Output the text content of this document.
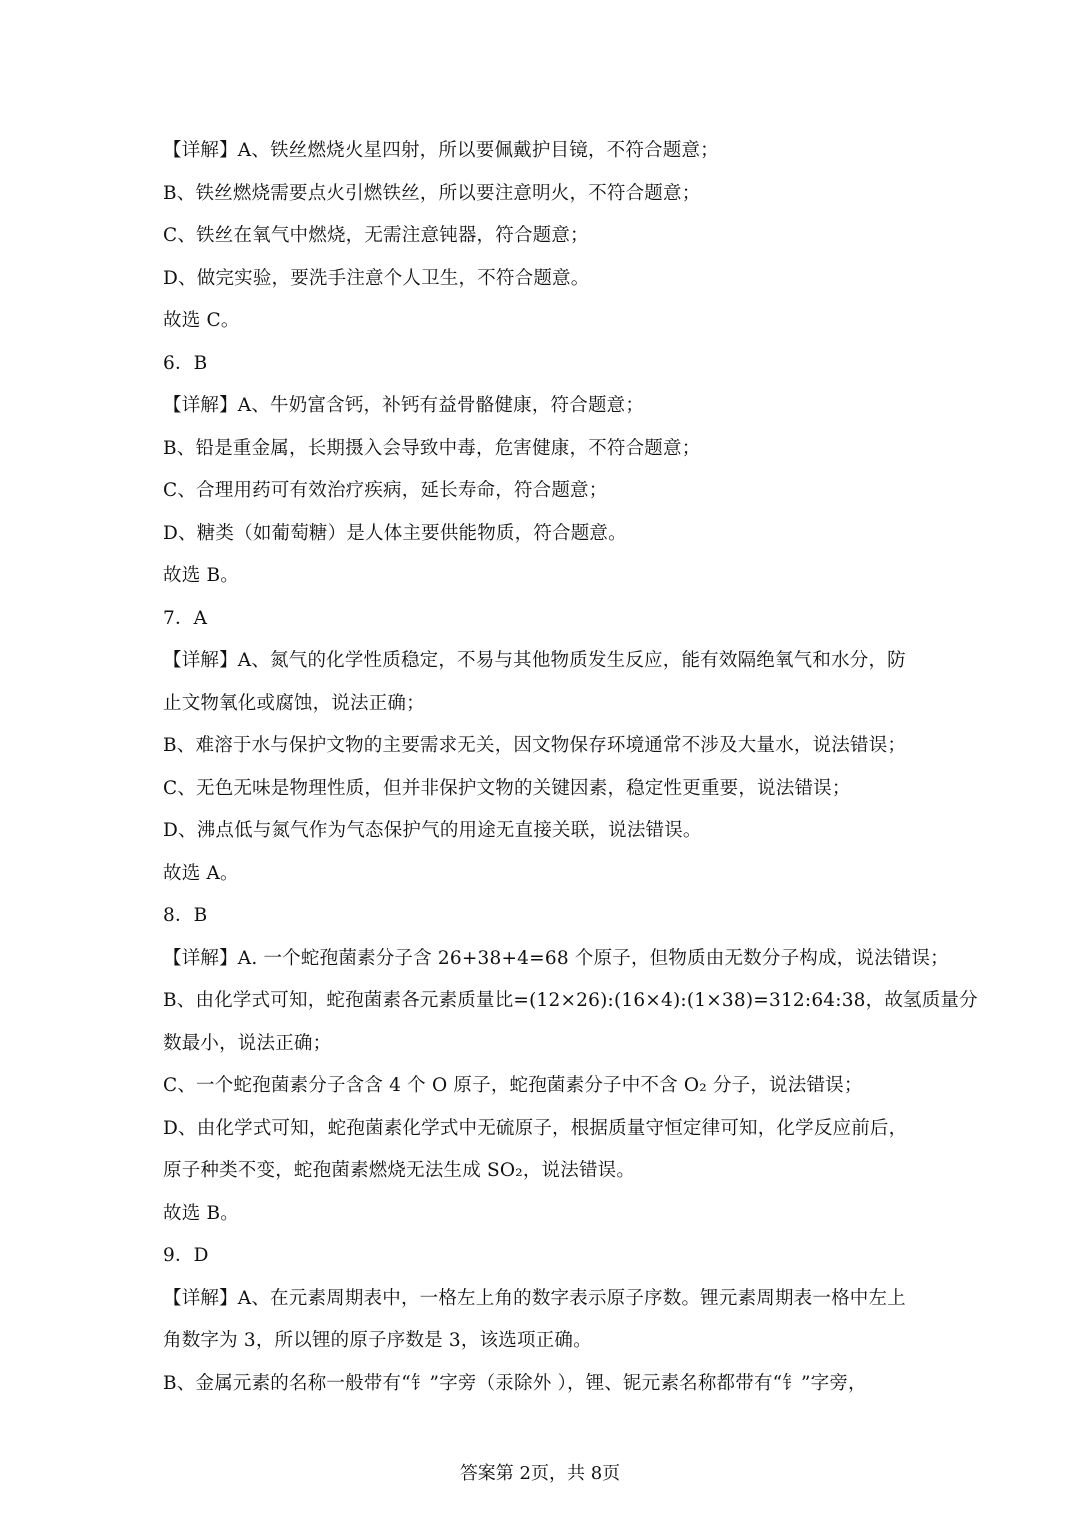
【详解】A、铁丝燃烧火星四射，所以要佩戴护目镜，不符合题意；
B、铁丝燃烧需要点火引燃铁丝，所以要注意明火，不符合题意；
C、铁丝在氧气中燃烧，无需注意钝器，符合题意；
D、做完实验，要洗手注意个人卫生，不符合题意。
故选 C。
6．B
【详解】A、牛奶富含钙，补钙有益骨骼健康，符合题意；
B、铅是重金属，长期摄入会导致中毒，危害健康，不符合题意；
C、合理用药可有效治疗疾病，延长寿命，符合题意；
D、糖类（如葡萄糖）是人体主要供能物质，符合题意。
故选 B。
7．A
【详解】A、氮气的化学性质稳定，不易与其他物质发生反应，能有效隔绝氧气和水分，防
止文物氧化或腐蚀，说法正确；
B、难溶于水与保护文物的主要需求无关，因文物保存环境通常不涉及大量水，说法错误；
C、无色无味是物理性质，但并非保护文物的关键因素，稳定性更重要，说法错误；
D、沸点低与氮气作为气态保护气的用途无直接关联，说法错误。
故选 A。
8．B
【详解】A. 一个蛇孢菌素分子含 26+38+4=68 个原子，但物质由无数分子构成，说法错误；
B、由化学式可知，蛇孢菌素各元素质量比=(12×26):(16×4):(1×38)=312:64:38，故氢质量分
数最小，说法正确；
C、一个蛇孢菌素分子含含 4 个 O 原子，蛇孢菌素分子中不含 O₂ 分子，说法错误；
D、由化学式可知，蛇孢菌素化学式中无硫原子，根据质量守恒定律可知，化学反应前后，
原子种类不变，蛇孢菌素燃烧无法生成 SO₂，说法错误。
故选 B。
9．D
【详解】A、在元素周期表中，一格左上角的数字表示原子序数。锂元素周期表一格中左上
角数字为 3，所以锂的原子序数是 3，该选项正确。
B、金属元素的名称一般带有“钅”字旁（汞除外 ），锂、铌元素名称都带有“钅”字旁，
答案第 2页，共 8页
